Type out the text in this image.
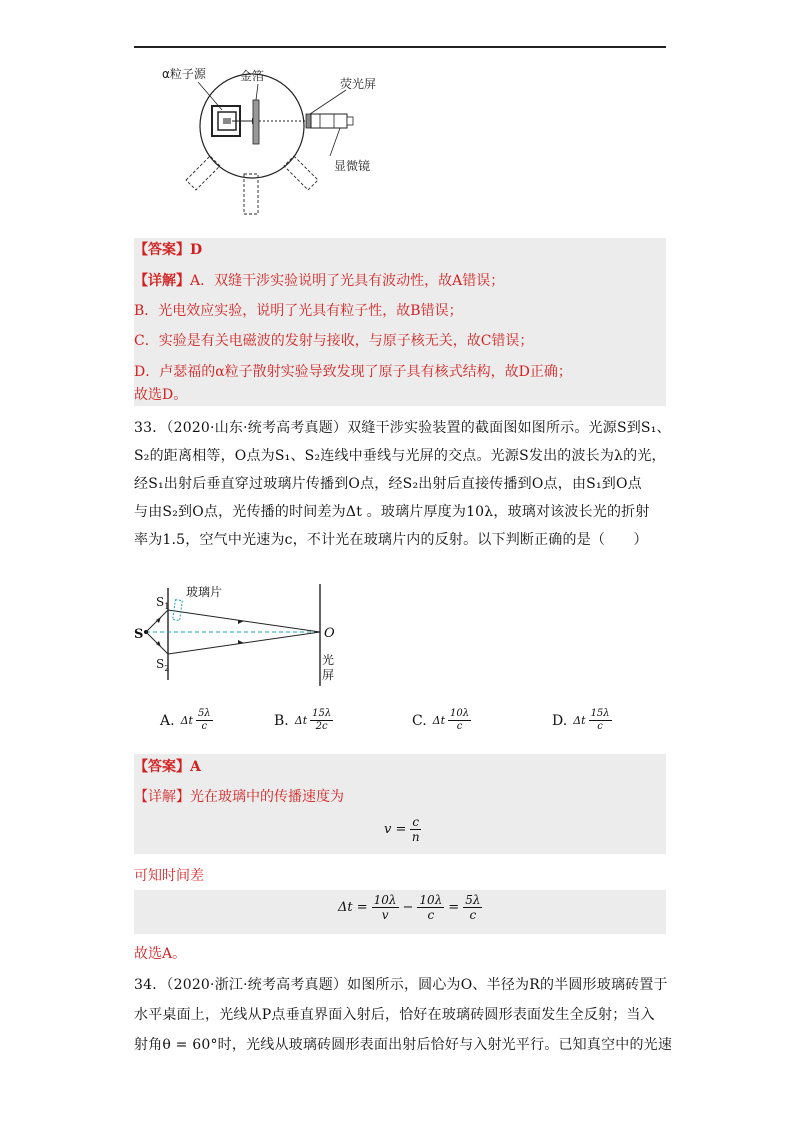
α粒子源	金箔
荧光屏
显微镜
【答案】D
【详解】A．双缝干涉实验说明了光具有波动性，故A错误；
B．光电效应实验，说明了光具有粒子性，故B错误；
C．实验是有关电磁波的发射与接收，与原子核无关，故C错误；
D．卢瑟福的α粒子散射实验导致发现了原子具有核式结构，故D正确；
故选D。

33．（2020·山东·统考高考真题）双缝干涉实验装置的截面图如图所示。光源S到S₁、

S₂的距离相等，O点为S₁、S₂连线中垂线与光屏的交点。光源S发出的波长为λ的光，

经S₁出射后垂直穿过玻璃片传播到O点，经S₂出射后直接传播到O点，由S₁到O点

与由S₂到O点，光传播的时间差为Δt 。玻璃片厚度为10λ，玻璃对该波长光的折射

率为1.5，空气中光速为c，不计光在玻璃片内的反射。以下判断正确的是（　　）

S
$S_1$
$S_2$
玻璃片
O
光
屏
A. Δt $\frac{5\lambda}{c}$	B. Δt $\frac{15\lambda}{2c}$	C. Δt $\frac{10\lambda}{c}$	D. Δt $\frac{15\lambda}{c}$
【答案】A
【详解】光在玻璃中的传播速度为
$v = \frac{c}{n}$
可知时间差
$\Delta t = \frac{10\lambda}{v} - \frac{10\lambda}{c} = \frac{5\lambda}{c}$
故选A。

34．（2020·浙江·统考高考真题）如图所示，圆心为O、半径为R的半圆形玻璃砖置于

水平桌面上，光线从P点垂直界面入射后，恰好在玻璃砖圆形表面发生全反射；当入

射角θ = 60°时，光线从玻璃砖圆形表面出射后恰好与入射光平行。已知真空中的光速
